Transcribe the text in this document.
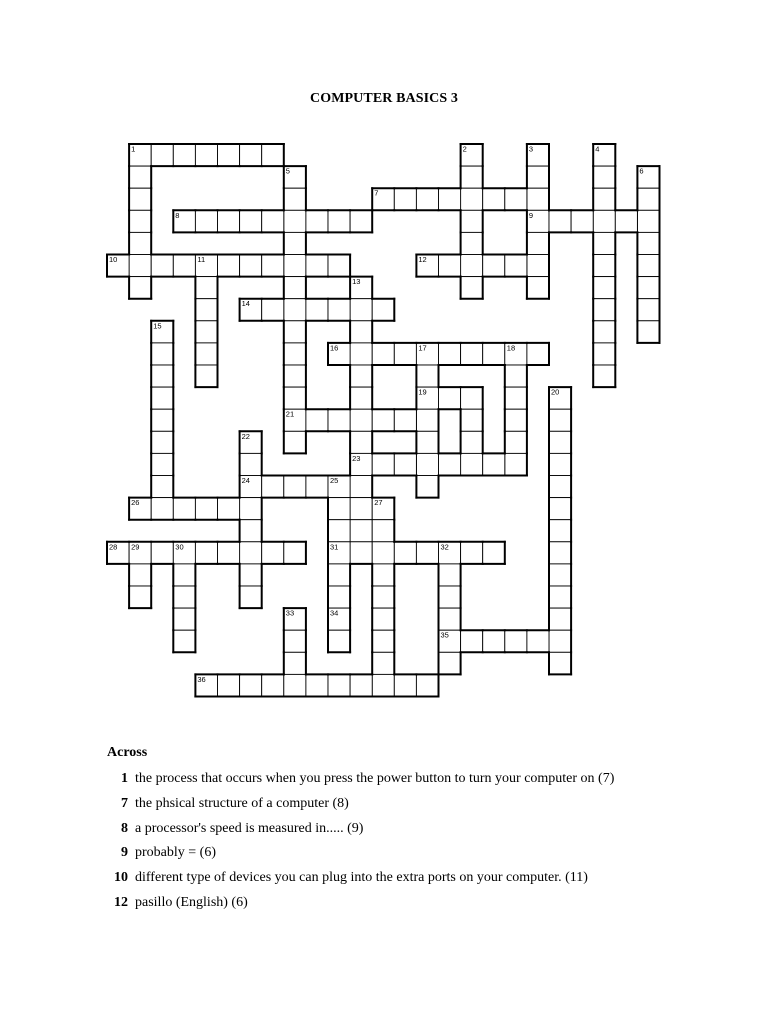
COMPUTER BASICS 3
1	2	3	4
5	6
7
8	9
10	11	12
13
14
15
16	17	18
19	20
21
22
23
24	25
26	27
28 29	30	31	32
33	34
35
36
Across
1 the process that occurs when you press the power button to turn your computer on (7)
7 the phsical structure of a computer (8)
8 a processor's speed is measured in..... (9)
9 probably = (6)
10 different type of devices you can plug into the extra ports on your computer. (11)
12 pasillo (English) (6)
